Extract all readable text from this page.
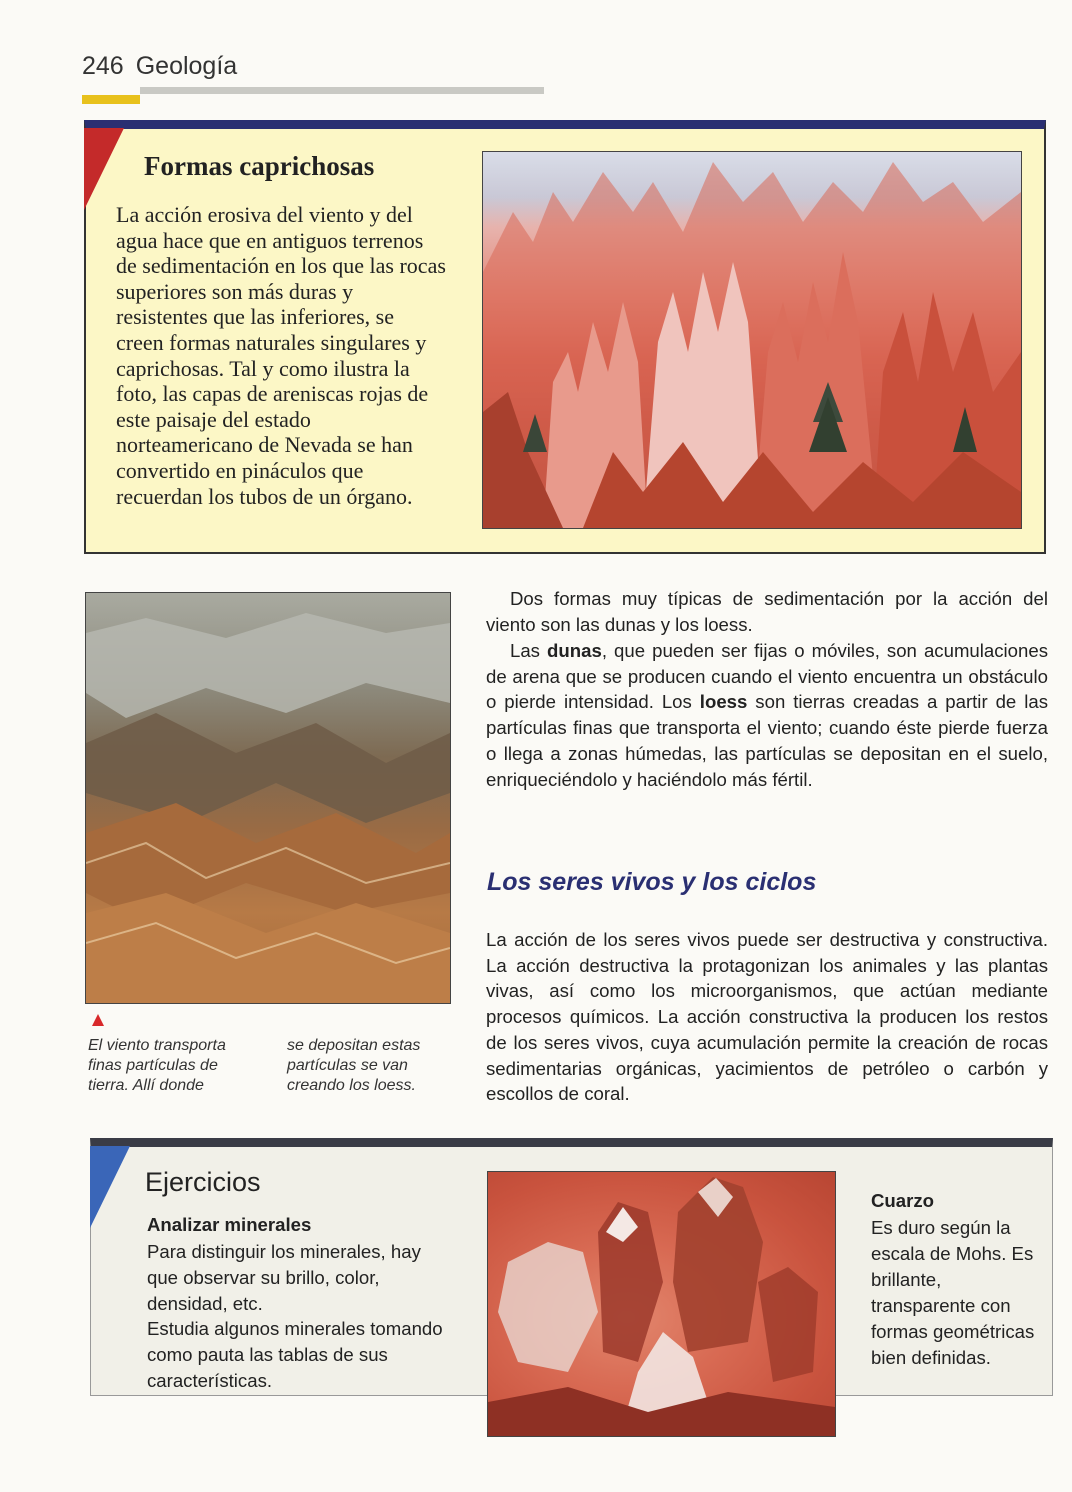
246 Geología
Formas caprichosas

La acción erosiva del viento y del agua hace que en antiguos terrenos de sedimentación en los que las rocas superiores son más duras y resistentes que las inferiores, se creen formas naturales singulares y caprichosas. Tal y como ilustra la foto, las capas de areniscas rojas de este paisaje del estado norteamericano de Nevada se han convertido en pináculos que recuerdan los tubos de un órgano.

El viento transporta finas partículas de tierra. Allí donde

se depositan estas partículas se van creando los loess.

Dos formas muy típicas de sedimentación por la acción del viento son las dunas y los loess.

Las dunas, que pueden ser fijas o móviles, son acumulaciones de arena que se producen cuando el viento encuentra un obstáculo o pierde intensidad. Los loess son tierras creadas a partir de las partículas finas que transporta el viento; cuando éste pierde fuerza o llega a zonas húmedas, las partículas se depositan en el suelo, enriqueciéndolo y haciéndolo más fértil.

Los seres vivos y los ciclos

La acción de los seres vivos puede ser destructiva y constructiva. La acción destructiva la protagonizan los animales y las plantas vivas, así como los microorganismos, que actúan mediante procesos químicos. La acción constructiva la producen los restos de los seres vivos, cuya acumulación permite la creación de rocas sedimentarias orgánicas, yacimientos de petróleo o carbón y escollos de coral.

Ejercicios

Analizar minerales

Para distinguir los minerales, hay que observar su brillo, color, densidad, etc.
Estudia algunos minerales tomando como pauta las tablas de sus características.

Cuarzo

Es duro según la escala de Mohs. Es brillante, transparente con formas geométricas bien definidas.
